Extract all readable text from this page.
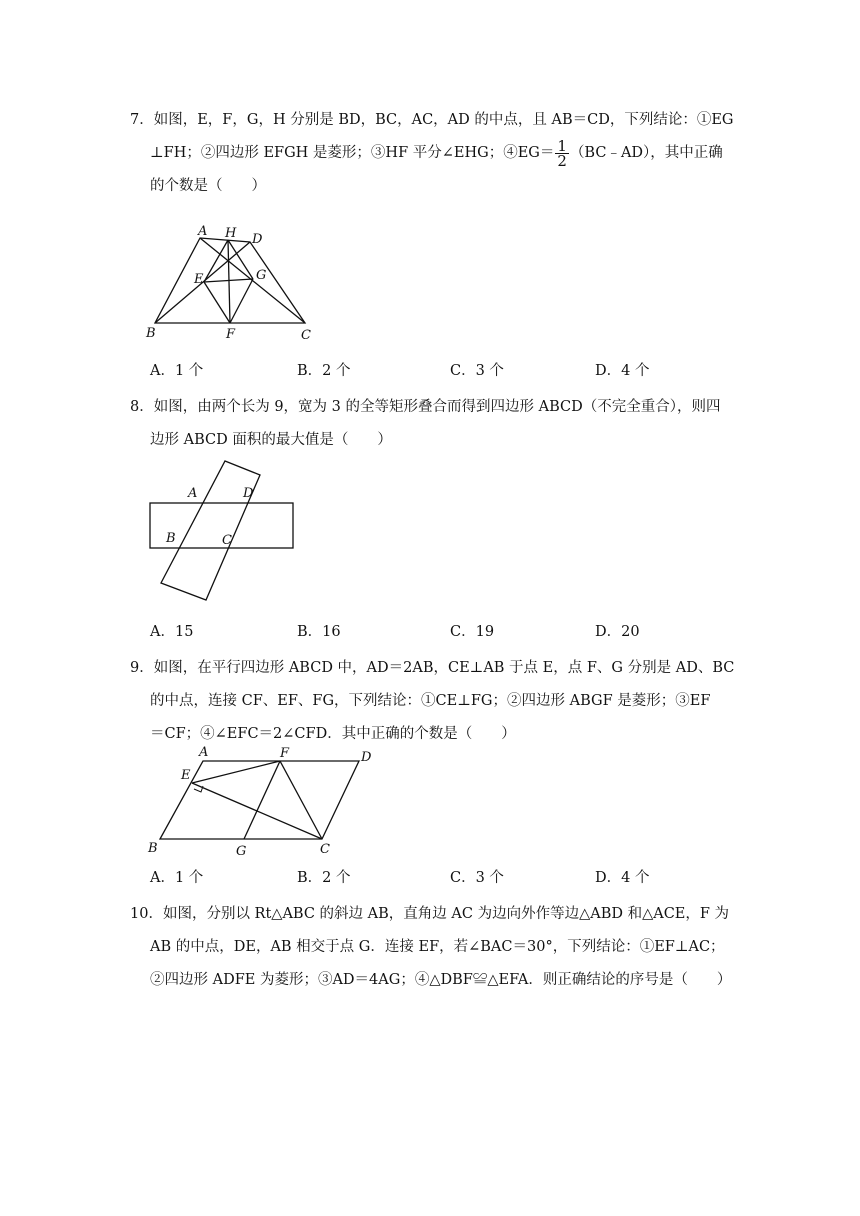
7．如图，E，F，G，H 分别是 BD，BC，AC，AD 的中点，且 AB＝CD，下列结论：①EG
⊥FH；②四边形 EFGH 是菱形；③HF 平分∠EHG；④EG＝ $\frac{1}{2}$ （BC﹣AD），其中正确
的个数是（　　）
A H D
E	G
B	F	C
A．1 个	B．2 个	C．3 个	D．4 个
8．如图，由两个长为 9，宽为 3 的全等矩形叠合而得到四边形 ABCD（不完全重合），则四
边形 ABCD 面积的最大值是（　　）
A	D
B	C
A．15	B．16	C．19	D．20
9．如图，在平行四边形 ABCD 中，AD＝2AB，CE⊥AB 于点 E，点 F、G 分别是 AD、BC
的中点，连接 CF、EF、FG，下列结论：①CE⊥FG；②四边形 ABGF 是菱形；③EF
＝CF；④∠EFC＝2∠CFD．其中正确的个数是（　　）
A	F	D
E
B	G	C
A．1 个	B．2 个	C．3 个	D．4 个
10．如图，分别以 Rt△ABC 的斜边 AB，直角边 AC 为边向外作等边△ABD 和△ACE，F 为
AB 的中点，DE，AB 相交于点 G．连接 EF，若∠BAC＝30°，下列结论：①EF⊥AC；
②四边形 ADFE 为菱形；③AD＝4AG；④△DBF≌△EFA．则正确结论的序号是（　　）
